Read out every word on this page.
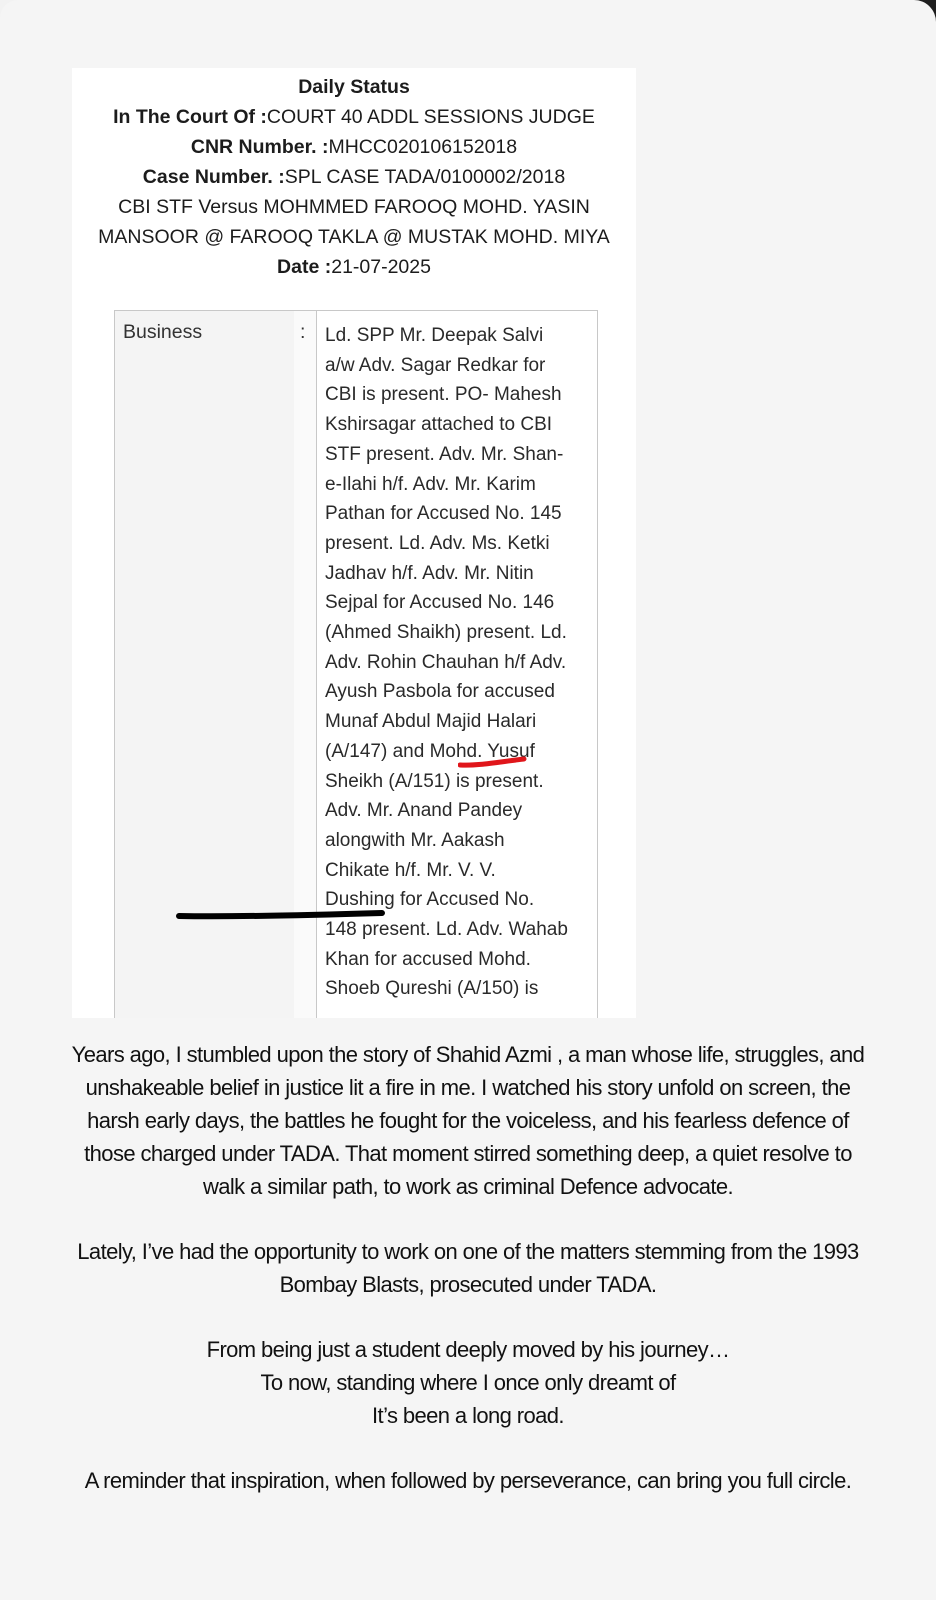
Daily Status
In The Court Of :COURT 40 ADDL SESSIONS JUDGE
CNR Number. :MHCC020106152018
Case Number. :SPL CASE TADA/0100002/2018
CBI STF Versus MOHMMED FAROOQ MOHD. YASIN
MANSOOR @ FAROOQ TAKLA @ MUSTAK MOHD. MIYA
Date :21-07-2025
Business	:	Ld. SPP Mr. Deepak Salvi
a/w Adv. Sagar Redkar for
CBI is present. PO- Mahesh
Kshirsagar attached to CBI
STF present. Adv. Mr. Shan-
e-Ilahi h/f. Adv. Mr. Karim
Pathan for Accused No. 145
present. Ld. Adv. Ms. Ketki
Jadhav h/f. Adv. Mr. Nitin
Sejpal for Accused No. 146
(Ahmed Shaikh) present. Ld.
Adv. Rohin Chauhan h/f Adv.
Ayush Pasbola for accused
Munaf Abdul Majid Halari
(A/147) and Mohd. Yusuf
Sheikh (A/151) is present.
Adv. Mr. Anand Pandey
alongwith Mr. Aakash
Chikate h/f. Mr. V. V.
Dushing for Accused No.
148 present. Ld. Adv. Wahab
Khan for accused Mohd.
Shoeb Qureshi (A/150) is

Years ago, I stumbled upon the story of Shahid Azmi , a man whose life, struggles, and
unshakeable belief in justice lit a fire in me. I watched his story unfold on screen, the
harsh early days, the battles he fought for the voiceless, and his fearless defence of
those charged under TADA. That moment stirred something deep, a quiet resolve to
walk a similar path, to work as criminal Defence advocate.

Lately, I’ve had the opportunity to work on one of the matters stemming from the 1993
Bombay Blasts, prosecuted under TADA.

From being just a student deeply moved by his journey…
To now, standing where I once only dreamt of
It’s been a long road.

A reminder that inspiration, when followed by perseverance, can bring you full circle.
